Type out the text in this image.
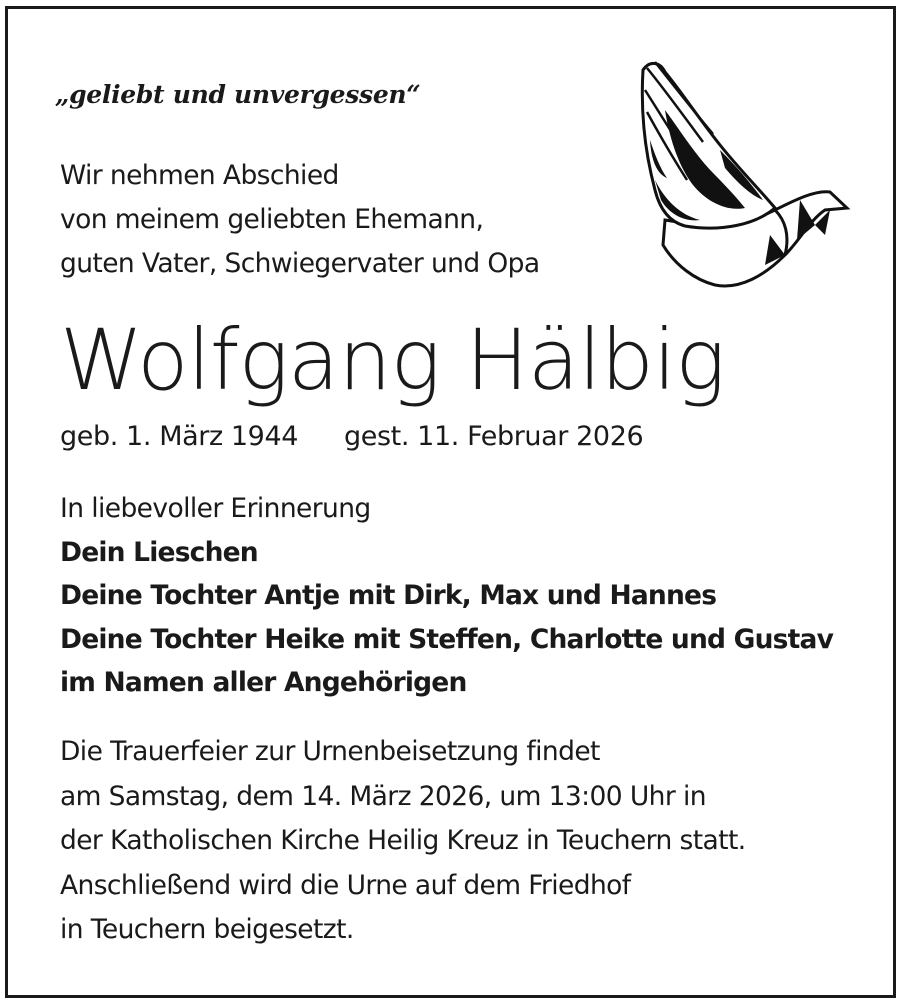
„geliebt und unvergessen“
Wir nehmen Abschied
von meinem geliebten Ehemann,
guten Vater, Schwiegervater und Opa
Wolfgang Hälbig
geb. 1. März 1944 gest. 11. Februar 2026
In liebevoller Erinnerung
Dein Lieschen
Deine Tochter Antje mit Dirk, Max und Hannes
Deine Tochter Heike mit Steffen, Charlotte und Gustav
im Namen aller Angehörigen
Die Trauerfeier zur Urnenbeisetzung findet
am Samstag, dem 14. März 2026, um 13:00 Uhr in
der Katholischen Kirche Heilig Kreuz in Teuchern statt.
Anschließend wird die Urne auf dem Friedhof
in Teuchern beigesetzt.
